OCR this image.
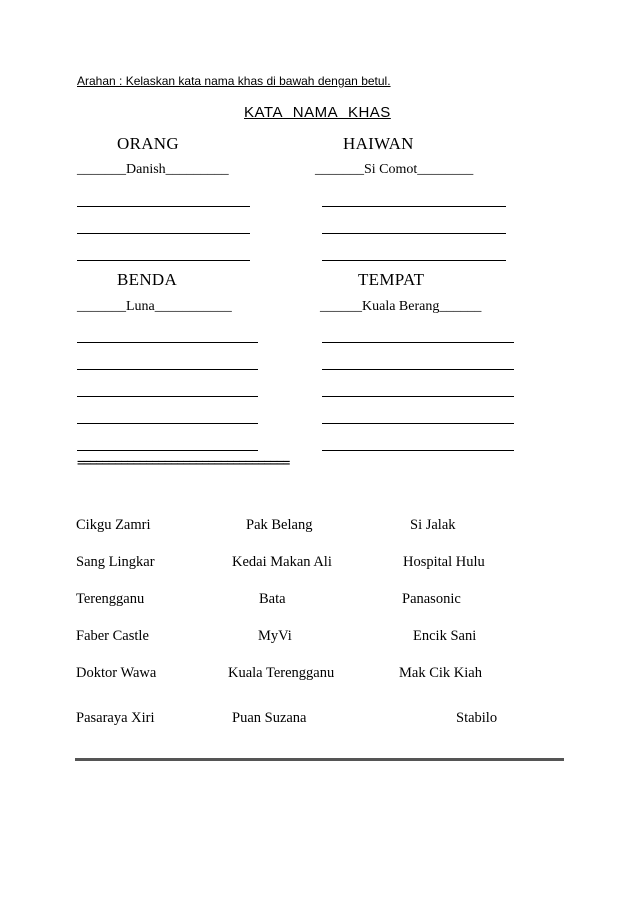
Arahan : Kelaskan kata nama khas di bawah dengan betul.
KATA NAMA KHAS
ORANG	HAIWAN
_______Danish_________	_______Si Comot________
BENDA	TEMPAT
_______Luna___________	______Kuala Berang______
==================================
Cikgu Zamri	Pak Belang	Si Jalak
Sang Lingkar	Kedai Makan Ali	Hospital Hulu
Terengganu	Bata	Panasonic
Faber Castle	MyVi	Encik Sani
Doktor Wawa	Kuala Terengganu	Mak Cik Kiah
Pasaraya Xiri	Puan Suzana	Stabilo
